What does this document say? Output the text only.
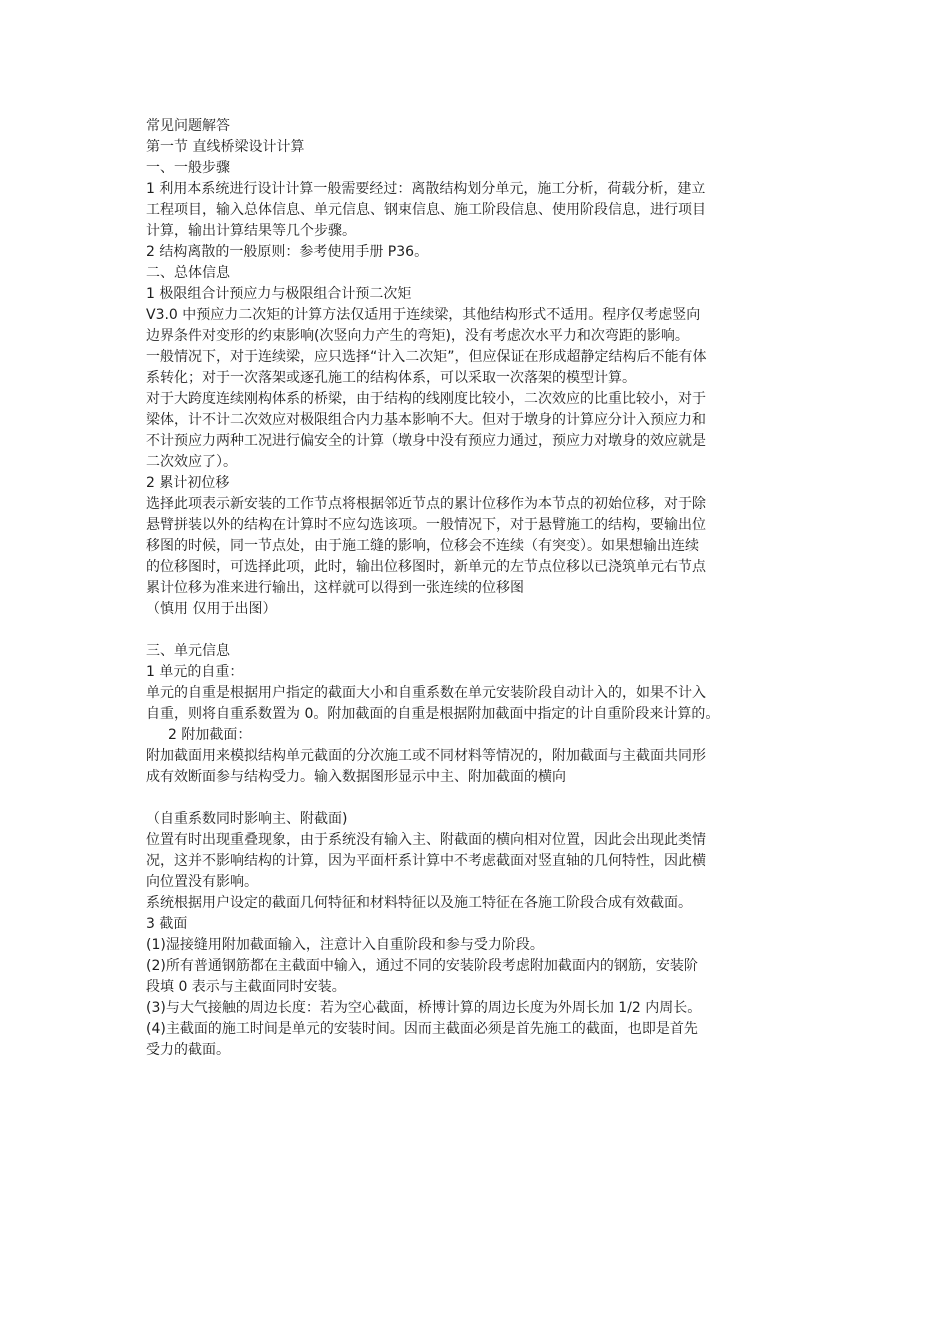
常见问题解答

第一节 直线桥梁设计计算

一、一般步骤

1 利用本系统进行设计计算一般需要经过：离散结构划分单元，施工分析，荷载分析，建立

工程项目，输入总体信息、单元信息、钢束信息、施工阶段信息、使用阶段信息，进行项目

计算，输出计算结果等几个步骤。

2 结构离散的一般原则：参考使用手册 P36。

二、总体信息

1 极限组合计预应力与极限组合计预二次矩

V3.0 中预应力二次矩的计算方法仅适用于连续梁，其他结构形式不适用。程序仅考虑竖向

边界条件对变形的约束影响(次竖向力产生的弯矩)，没有考虑次水平力和次弯距的影响。

一般情况下，对于连续梁，应只选择“计入二次矩”，但应保证在形成超静定结构后不能有体

系转化；对于一次落架或逐孔施工的结构体系，可以采取一次落架的模型计算。

对于大跨度连续刚构体系的桥梁，由于结构的线刚度比较小，二次效应的比重比较小，对于

梁体，计不计二次效应对极限组合内力基本影响不大。但对于墩身的计算应分计入预应力和

不计预应力两种工况进行偏安全的计算（墩身中没有预应力通过，预应力对墩身的效应就是

二次效应了）。

2 累计初位移

选择此项表示新安装的工作节点将根据邻近节点的累计位移作为本节点的初始位移，对于除

悬臂拼装以外的结构在计算时不应勾选该项。一般情况下，对于悬臂施工的结构，要输出位

移图的时候，同一节点处，由于施工缝的影响，位移会不连续（有突变）。如果想输出连续

的位移图时，可选择此项，此时，输出位移图时，新单元的左节点位移以已浇筑单元右节点

累计位移为准来进行输出，这样就可以得到一张连续的位移图

（慎用 仅用于出图）

三、单元信息

1 单元的自重：

单元的自重是根据用户指定的截面大小和自重系数在单元安装阶段自动计入的，如果不计入

自重，则将自重系数置为 0。附加截面的自重是根据附加截面中指定的计自重阶段来计算的。

2 附加截面：

附加截面用来模拟结构单元截面的分次施工或不同材料等情况的，附加截面与主截面共同形

成有效断面参与结构受力。输入数据图形显示中主、附加截面的横向

（自重系数同时影响主、附截面)

位置有时出现重叠现象，由于系统没有输入主、附截面的横向相对位置，因此会出现此类情

况，这并不影响结构的计算，因为平面杆系计算中不考虑截面对竖直轴的几何特性，因此横

向位置没有影响。

系统根据用户设定的截面几何特征和材料特征以及施工特征在各施工阶段合成有效截面。

3 截面

(1)湿接缝用附加截面输入，注意计入自重阶段和参与受力阶段。

(2)所有普通钢筋都在主截面中输入，通过不同的安装阶段考虑附加截面内的钢筋，安装阶

段填 0 表示与主截面同时安装。

(3)与大气接触的周边长度：若为空心截面，桥博计算的周边长度为外周长加 1/2 内周长。

(4)主截面的施工时间是单元的安装时间。因而主截面必须是首先施工的截面，也即是首先

受力的截面。
